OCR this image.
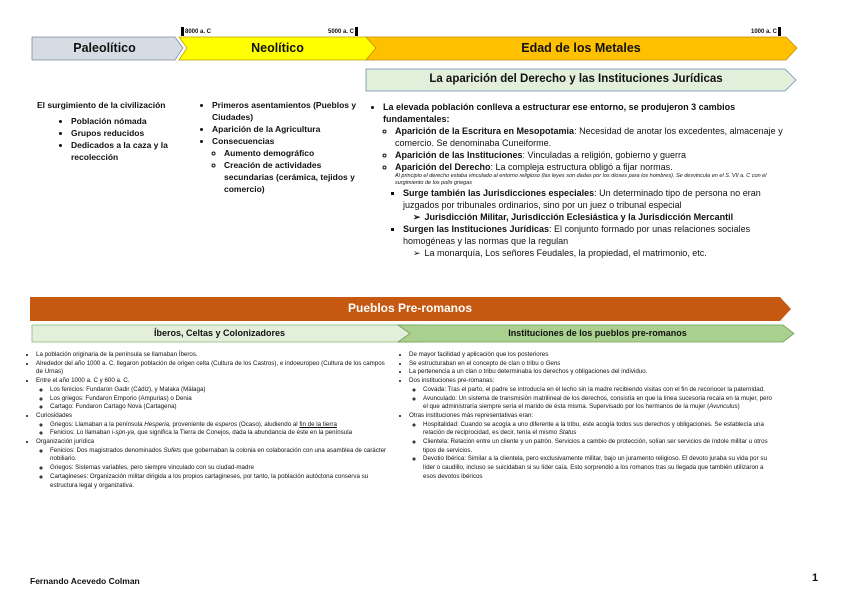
8000 a. C	5000 a. C	1000 a. C
Paleolítico	Neolítico	Edad de los Metales
La aparición del Derecho y las Instituciones Jurídicas
El surgimiento de la civilización
• Población nómada
• Grupos reducidos
• Dedicados a la caza y la recolección
• Primeros asentamientos (Pueblos y Ciudades)
• Aparición de la Agricultura
• Consecuencias
◦ Aumento demográfico
◦ Creación de actividades secundarias (cerámica, tejidos y comercio)
• La elevada población conlleva a estructurar ese entorno, se produjeron 3 cambios fundamentales:
◦ Aparición de la Escritura en Mesopotamia: Necesidad de anotar los excedentes, almacenaje y comercio. Se denominaba Cuneiforme.
◦ Aparición de las Instituciones: Vinculadas a religión, gobierno y guerra
◦ Aparición del Derecho: La compleja estructura obligó a fijar normas.
Al principio el derecho estaba vinculado al entorno religioso (las leyes son dadas por los dioses para los hombres). Se desvincula en el S. VII a. C con el surgimiento de los polis griegas
▪ Surge también las Jurisdicciones especiales: Un determinado tipo de persona no eran juzgados por tribunales ordinarios, sino por un juez o tribunal especial
➢ Jurisdicción Militar, Jurisdicción Eclesiástica y la Jurisdicción Mercantil
▪ Surgen las Instituciones Jurídicas: El conjunto formado por unas relaciones sociales homogéneas y las normas que la regulan
➢ La monarquía, Los señores Feudales, la propiedad, el matrimonio, etc.
Pueblos Pre-romanos
Íberos, Celtas y Colonizadores	Instituciones de los pueblos pre-romanos
• La población originaria de la península se llamaban Íberos.
• Alrededor del año 1000 a. C. llegaron población de origen celta (Cultura de los Castros), e indoeuropeo (Cultura de los campos de Urnas)
• Entre el año 1000 a. C y 600 a. C.
◦ Los fenicios: Fundaron Gadir (Cádiz), y Malaka (Málaga)
◦ Los griegos: Fundaron Emporio (Ampurias) o Denia
◦ Cartago: Fundaron Cartago Nova (Cartagena)
• Curiosidades
◦ Griegos: Llamaban a la península Hesperia, proveniente de esperos (Ocaso), aludiendo al fin de la tierra
◦ Fenicios: Lo llamaban i-spn-ya, que significa la Tierra de Conejos, dada la abundancia de éste en la península
• Organización jurídica
◦ Fenicios: Dos magistrados denominados Sufets que gobernaban la colonia en colaboración con una asamblea de carácter nobiliario.
◦ Griegos: Sistemas variables, pero siempre vinculado con su ciudad-madre
◦ Cartagineses: Organización militar dirigida a los propios cartagineses, por tanto, la población autóctona conserva su estructura legal y organizativa.
• De mayor facilidad y aplicación que los posteriores
• Se estructuraban en el concepto de clan o tribu o Gens
• La pertenencia a un clan o tribu determinaba los derechos y obligaciones del individuo.
• Dos instituciones pre-romanas:
◦ Covada: Tras el parto, el padre se introducía en el lecho sin la madre recibiendo visitas con el fin de reconocer la paternidad.
◦ Avunculado: Un sistema de transmisión matrilineal de los derechos, consistía en que la línea sucesoria recaía en la mujer, pero el que administraría siempre sería el marido de ésta misma. Supervisado por los hermanos de la mujer (Avunculus)
• Otras instituciones más representativas eran:
◦ Hospitalidad: Cuando se acogía a uno diferente a la tribu, este acogía todos sus derechos y obligaciones. Se establecía una relación de reciprocidad, es decir, tenía el mismo Status
◦ Clientela: Relación entre un cliente y un patrón. Servicios a cambio de protección, solían ser servicios de índole militar u otros tipos de servicios.
◦ Devotio Ibérica: Similar a la clientela, pero exclusivamente militar, bajo un juramento religioso. El devoto juraba su vida por su líder o caudillo, incluso se suicidaban si su líder caía. Esto sorprendió a los romanos tras su llegada que también utilizaron a esos devotos ibéricos
Fernando Acevedo Colman	1
